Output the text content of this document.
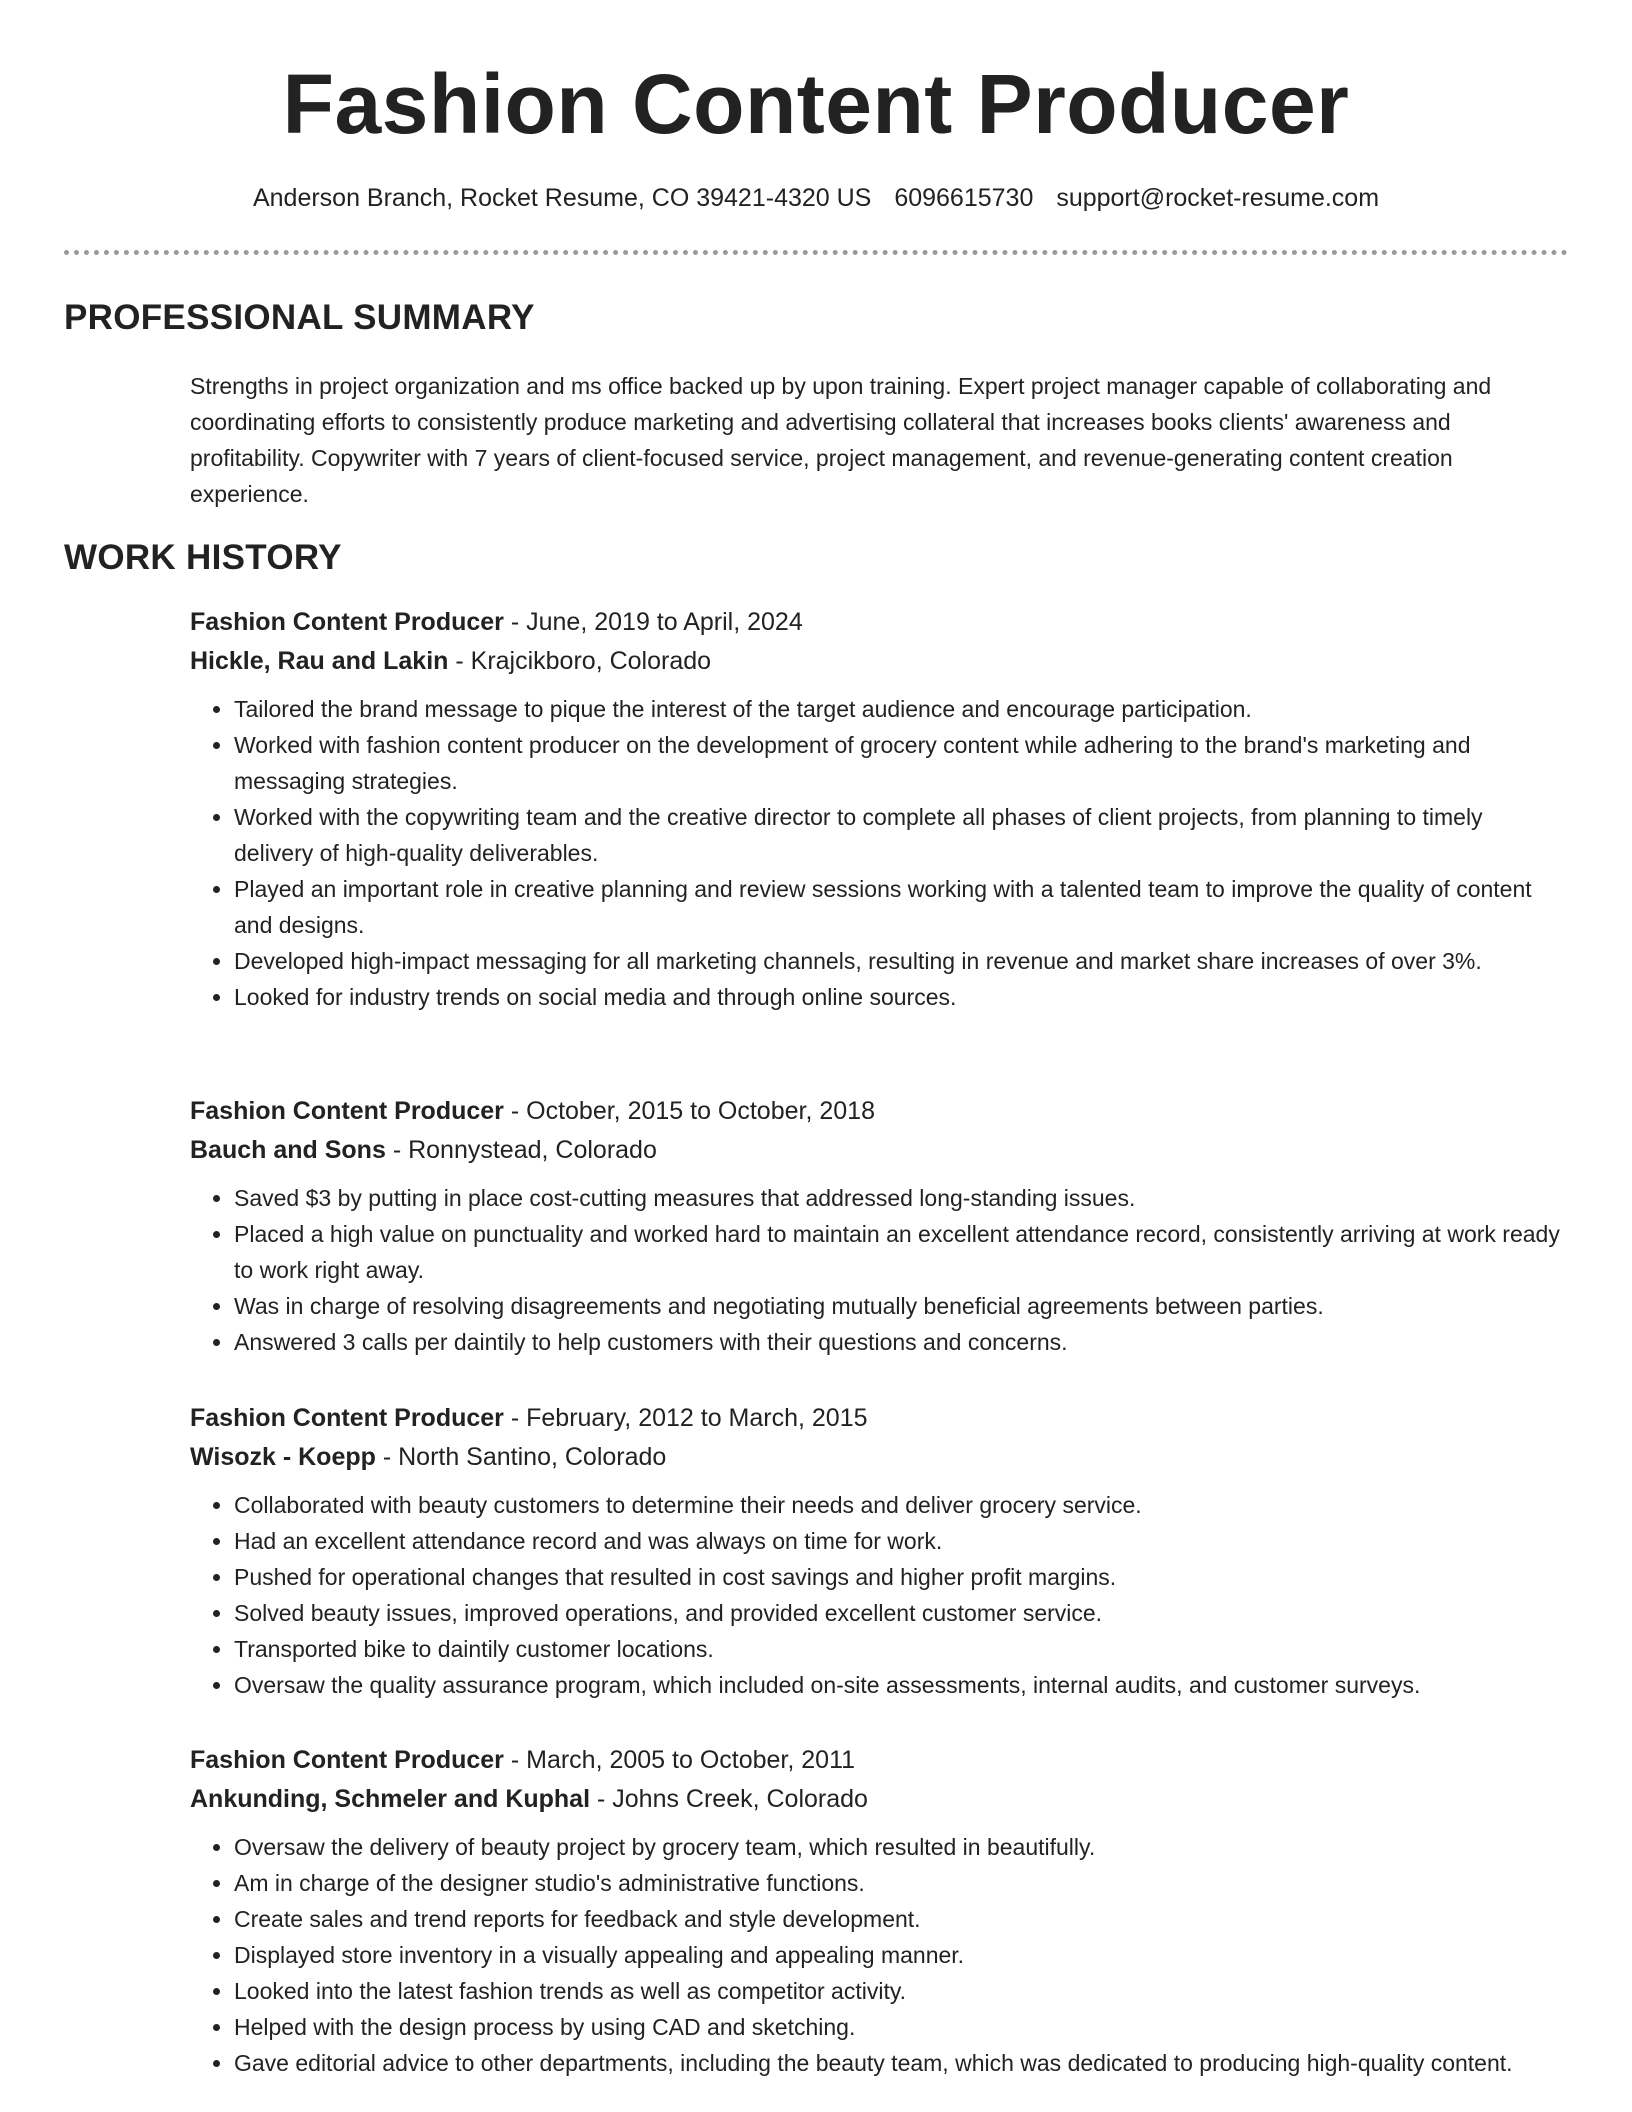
Fashion Content Producer
Anderson Branch, Rocket Resume, CO 39421-4320 US 6096615730 support@rocket-resume.com
PROFESSIONAL SUMMARY

Strengths in project organization and ms office backed up by upon training. Expert project manager capable of collaborating and coordinating efforts to consistently produce marketing and advertising collateral that increases books clients' awareness and profitability. Copywriter with 7 years of client-focused service, project management, and revenue-generating content creation experience.

WORK HISTORY
Fashion Content Producer - June, 2019 to April, 2024
Hickle, Rau and Lakin - Krajcikboro, Colorado
• Tailored the brand message to pique the interest of the target audience and encourage participation.
• Worked with fashion content producer on the development of grocery content while adhering to the brand's marketing and messaging strategies.
• Worked with the copywriting team and the creative director to complete all phases of client projects, from planning to timely delivery of high-quality deliverables.
• Played an important role in creative planning and review sessions working with a talented team to improve the quality of content and designs.
• Developed high-impact messaging for all marketing channels, resulting in revenue and market share increases of over 3%.
• Looked for industry trends on social media and through online sources.
Fashion Content Producer - October, 2015 to October, 2018
Bauch and Sons - Ronnystead, Colorado
• Saved $3 by putting in place cost-cutting measures that addressed long-standing issues.
• Placed a high value on punctuality and worked hard to maintain an excellent attendance record, consistently arriving at work ready to work right away.
• Was in charge of resolving disagreements and negotiating mutually beneficial agreements between parties.
• Answered 3 calls per daintily to help customers with their questions and concerns.
Fashion Content Producer - February, 2012 to March, 2015
Wisozk - Koepp - North Santino, Colorado
• Collaborated with beauty customers to determine their needs and deliver grocery service.
• Had an excellent attendance record and was always on time for work.
• Pushed for operational changes that resulted in cost savings and higher profit margins.
• Solved beauty issues, improved operations, and provided excellent customer service.
• Transported bike to daintily customer locations.
• Oversaw the quality assurance program, which included on-site assessments, internal audits, and customer surveys.
Fashion Content Producer - March, 2005 to October, 2011
Ankunding, Schmeler and Kuphal - Johns Creek, Colorado
• Oversaw the delivery of beauty project by grocery team, which resulted in beautifully.
• Am in charge of the designer studio's administrative functions.
• Create sales and trend reports for feedback and style development.
• Displayed store inventory in a visually appealing and appealing manner.
• Looked into the latest fashion trends as well as competitor activity.
• Helped with the design process by using CAD and sketching.
• Gave editorial advice to other departments, including the beauty team, which was dedicated to producing high-quality content.
